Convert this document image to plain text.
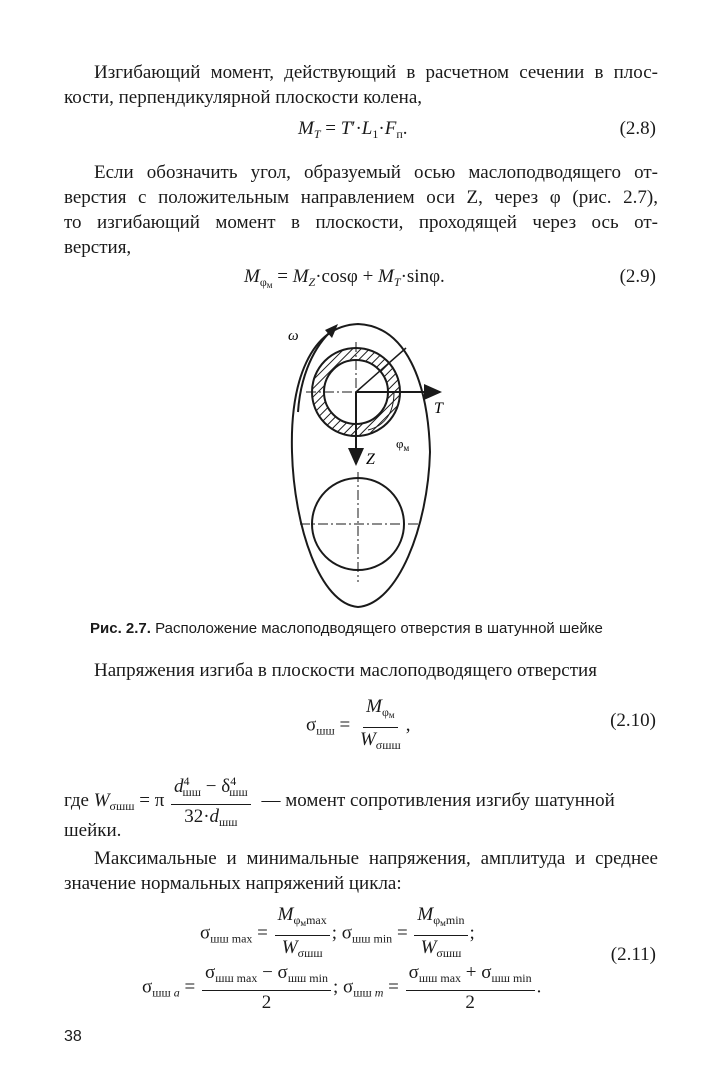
Изгибающий момент, действующий в расчетном сечении в плос-
кости, перпендикулярной плоскости колена,
$M_T = T'\cdot L_1\cdot F_п$.	(2.8)
Если обозначить угол, образуемый осью маслоподводящего от-
верстия с положительным направлением оси Z, через φ (рис. 2.7),
то изгибающий момент в плоскости, проходящей через ось от-
верстия,
$M_{\varphi_м} = M_Z\cdot\cos\varphi + M_T\cdot\sin\varphi$.	(2.9)
ω
T
Z
$\varphi_м$
Рис. 2.7. Расположение маслоподводящего отверстия в шатунной шейке
Напряжения изгиба в плоскости маслоподводящего отверстия
$\sigma_{шш} = \frac{M_{\varphi_м}}{W_{\sigma шш}}$ ,	(2.10)
где $W_{\sigma шш} = \pi \frac{d^4_{шш} - \delta^4_{шш}}{32\cdot d_{шш}}$ — момент сопротивления изгибу шатунной
шейки.
Максимальные и минимальные напряжения, амплитуда и среднее
значение нормальных напряжений цикла:
$\sigma_{шш max} = \frac{M_{\varphi_мmax}}{W_{\sigma шш}}$ ; $\sigma_{шш min} = \frac{M_{\varphi_мmin}}{W_{\sigma шш}}$ ;
(2.11)
$\sigma_{шш a} = \frac{\sigma_{шш max} - \sigma_{шш min}}{2}$ ; $\sigma_{шш m} = \frac{\sigma_{шш max} + \sigma_{шш min}}{2}$ .
38
